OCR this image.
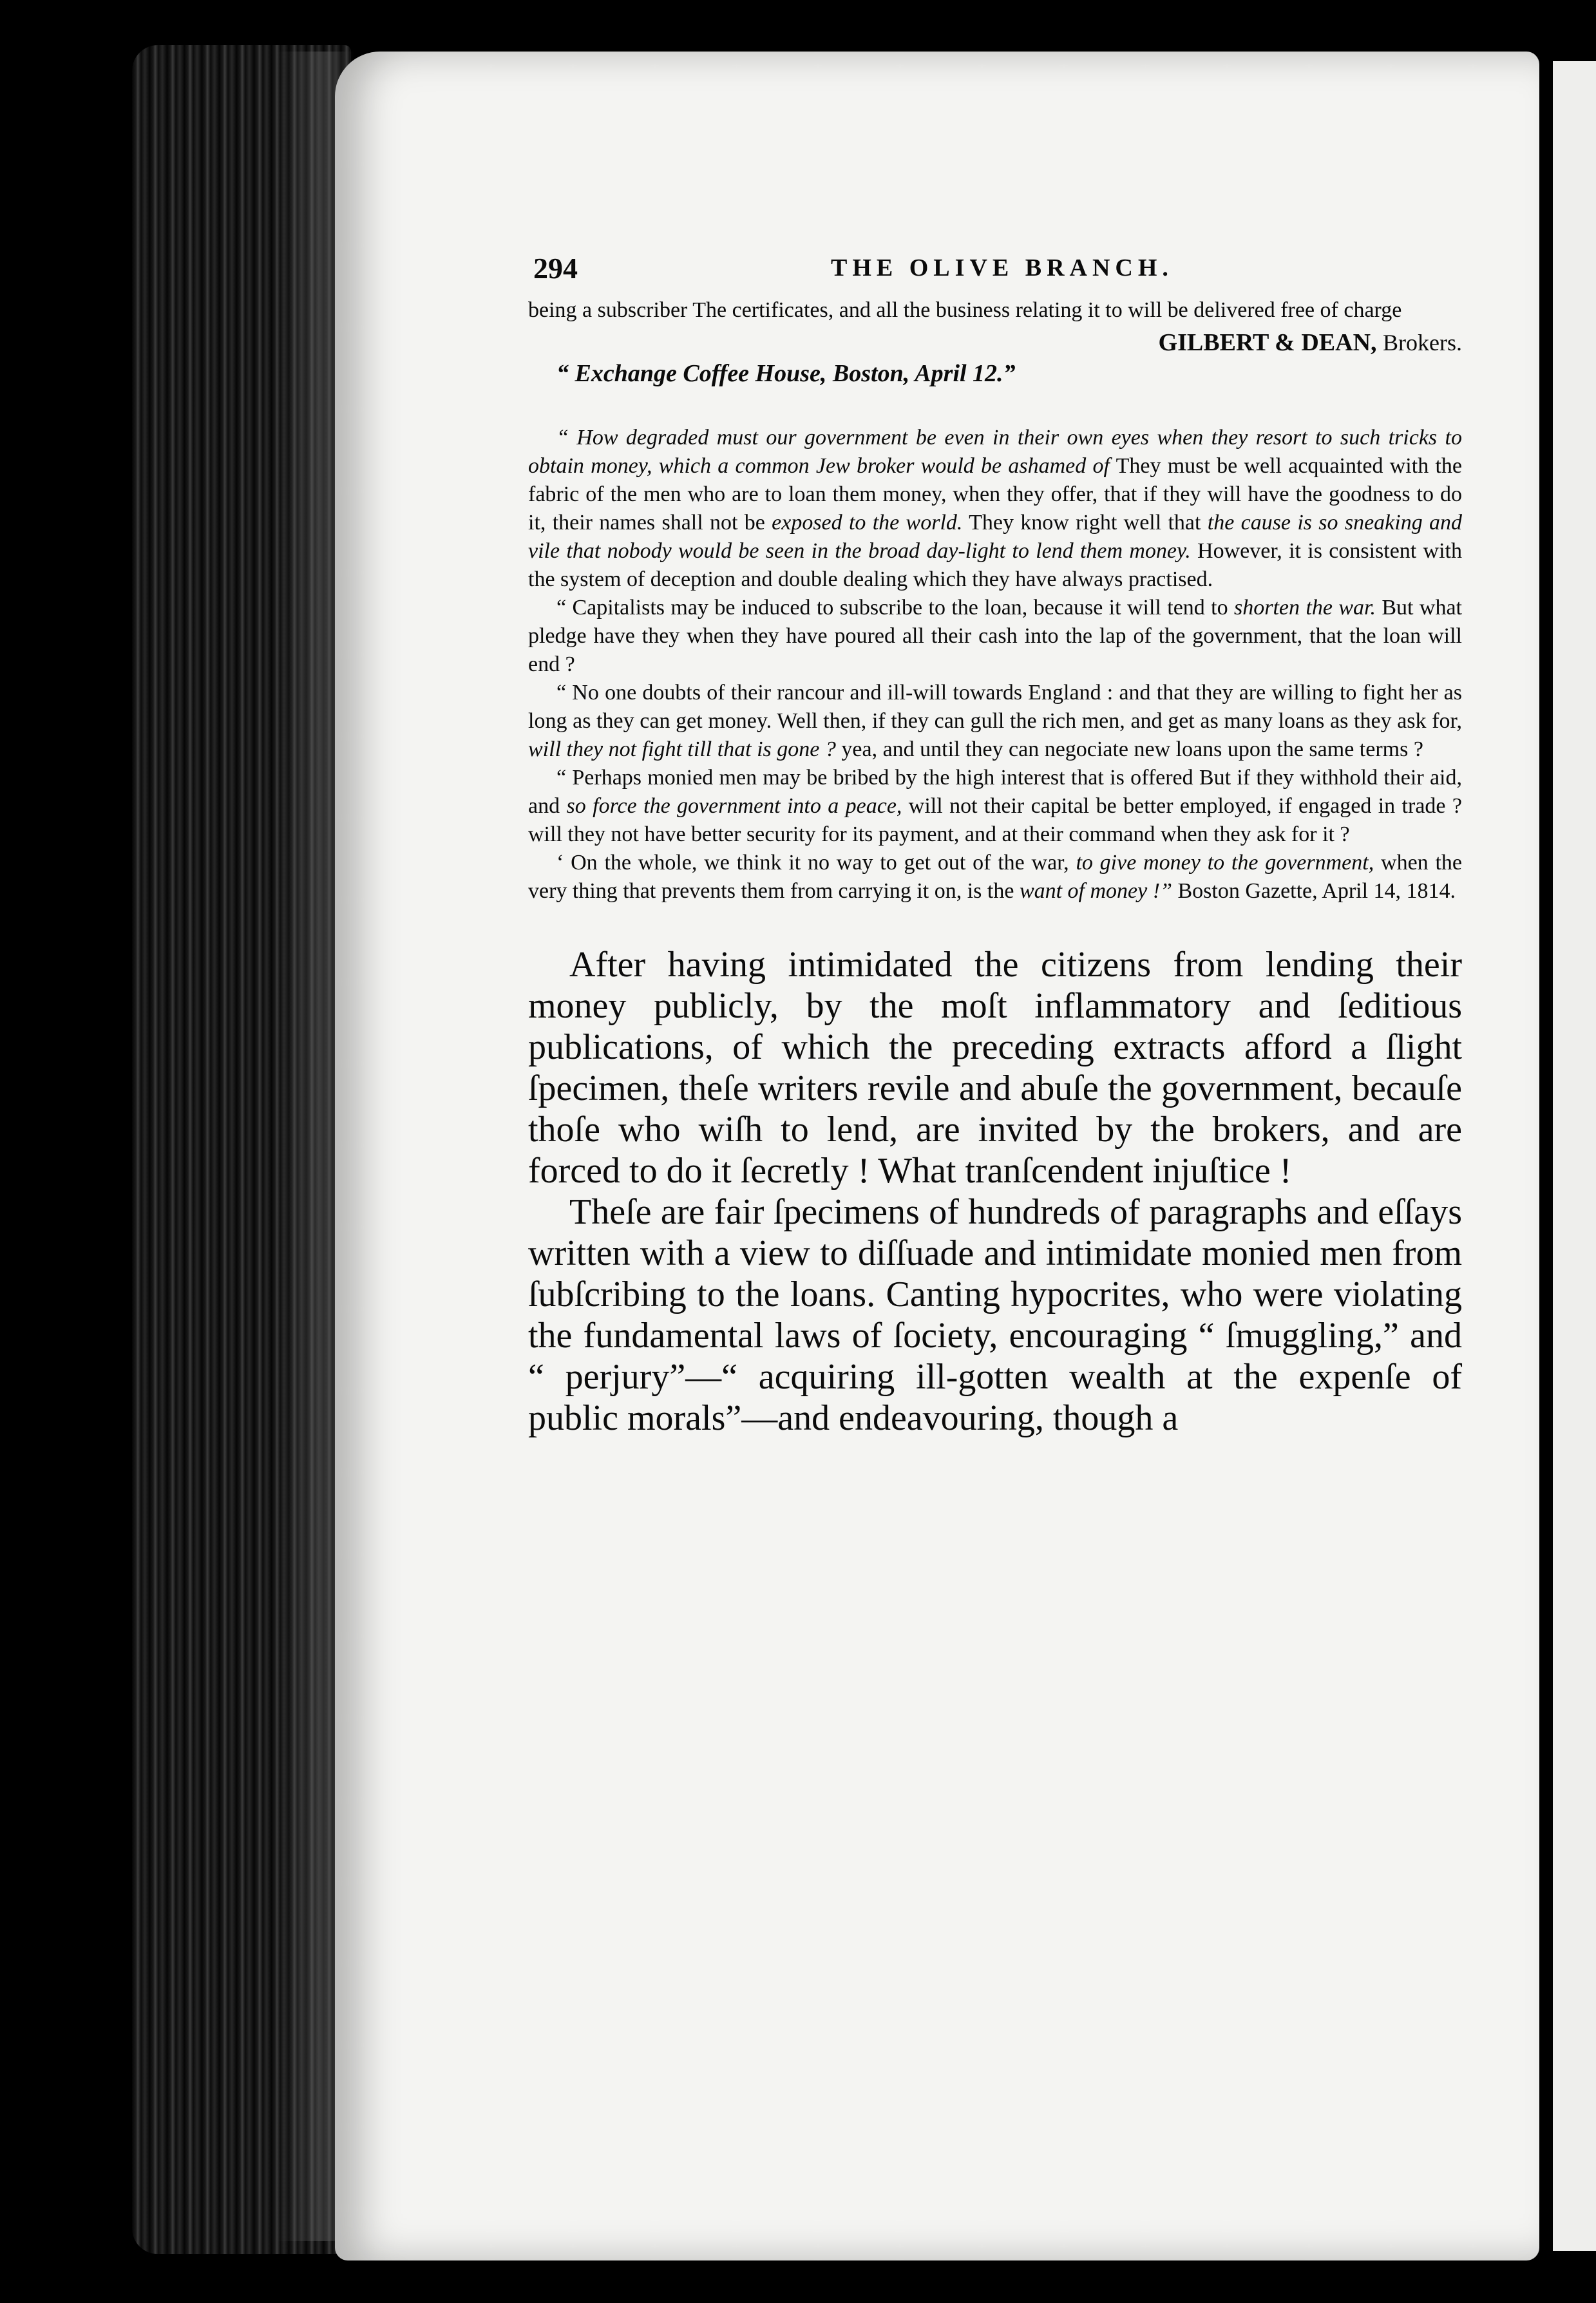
294	THE OLIVE BRANCH.

being a subscriber The certificates, and all the business relating it to will be delivered free of charge

GILBERT & DEAN, Brokers.
“ Exchange Coffee House, Boston, April 12.”

“ How degraded must our government be even in their own eyes when they resort to such tricks to obtain money, which a common Jew broker would be ashamed of They must be well acquainted with the fabric of the men who are to loan them money, when they offer, that if they will have the goodness to do it, their names shall not be exposed to the world. They know right well that the cause is so sneaking and vile that nobody would be seen in the broad day-light to lend them money. However, it is consistent with the system of deception and double dealing which they have always practised.

“ Capitalists may be induced to subscribe to the loan, because it will tend to shorten the war. But what pledge have they when they have poured all their cash into the lap of the government, that the loan will end ?

“ No one doubts of their rancour and ill-will towards England : and that they are willing to fight her as long as they can get money. Well then, if they can gull the rich men, and get as many loans as they ask for, will they not fight till that is gone ? yea, and until they can negociate new loans upon the same terms ?

“ Perhaps monied men may be bribed by the high interest that is offered But if they withhold their aid, and so force the government into a peace, will not their capital be better employed, if engaged in trade ? will they not have better security for its payment, and at their command when they ask for it ?

‘ On the whole, we think it no way to get out of the war, to give money to the government, when the very thing that prevents them from carrying it on, is the want of money !” Boston Gazette, April 14, 1814.

After having intimidated the citizens from lending their money publicly, by the moſt inflammatory and ſeditious publications, of which the preceding extracts afford a ſlight ſpecimen, theſe writers revile and abuſe the government, becauſe thoſe who wiſh to lend, are invited by the brokers, and are forced to do it ſecretly ! What tranſcendent injuſtice !

Theſe are fair ſpecimens of hundreds of paragraphs and eſſays written with a view to diſſuade and intimidate monied men from ſubſcribing to the loans. Canting hypocrites, who were violating the fundamental laws of ſociety, encouraging “ ſmuggling,” and “ perjury”—“ acquiring ill-gotten wealth at the expenſe of public morals”—and endeavouring, though a
